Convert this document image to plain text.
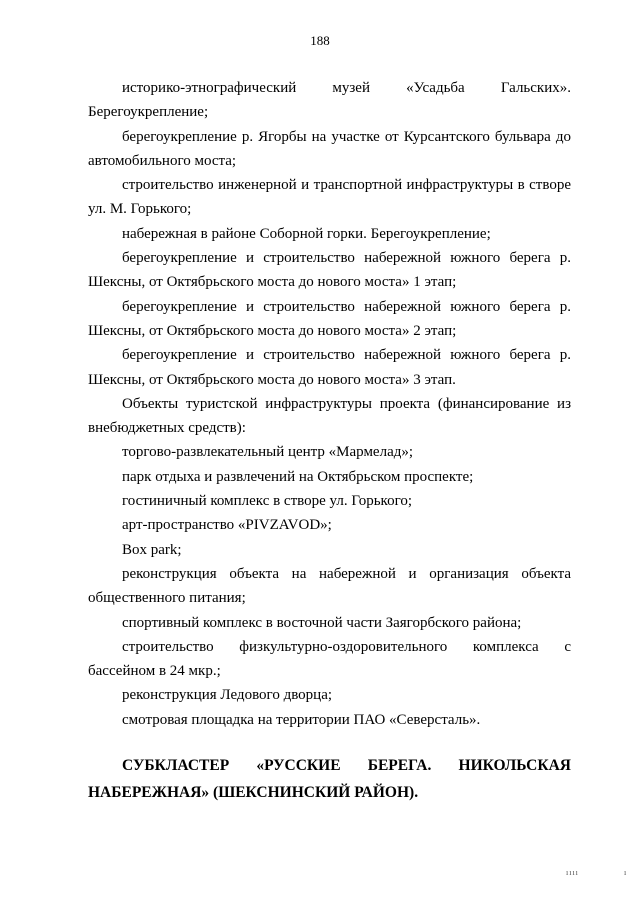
188

историко-этнографический музей «Усадьба Гальских». Берегоукрепление;

берегоукрепление р. Ягорбы на участке от Курсантского бульвара до автомобильного моста;

строительство инженерной и транспортной инфраструктуры в створе ул. М. Горького;

набережная в районе Соборной горки. Берегоукрепление;

берегоукрепление и строительство набережной южного берега р. Шексны, от Октябрьского моста до нового моста» 1 этап;

берегоукрепление и строительство набережной южного берега р. Шексны, от Октябрьского моста до нового моста» 2 этап;

берегоукрепление и строительство набережной южного берега р. Шексны, от Октябрьского моста до нового моста» 3 этап.

Объекты туристской инфраструктуры проекта (финансирование из внебюджетных средств):

торгово-развлекательный центр «Мармелад»;

парк отдыха и развлечений на Октябрьском проспекте;

гостиничный комплекс в створе ул. Горького;

арт-пространство «PIVZAVOD»;

Box park;

реконструкция объекта на набережной и организация объекта общественного питания;

спортивный комплекс в восточной части Заягорбского района;

строительство физкультурно-оздоровительного комплекса с бассейном в 24 мкр.;

реконструкция Ледового дворца;

смотровая площадка на территории ПАО «Северсталь».

СУБКЛАСТЕР «РУССКИЕ БЕРЕГА. НИКОЛЬСКАЯ НАБЕРЕЖНАЯ» (ШЕКСНИНСКИЙ РАЙОН).

ıııı	ı
